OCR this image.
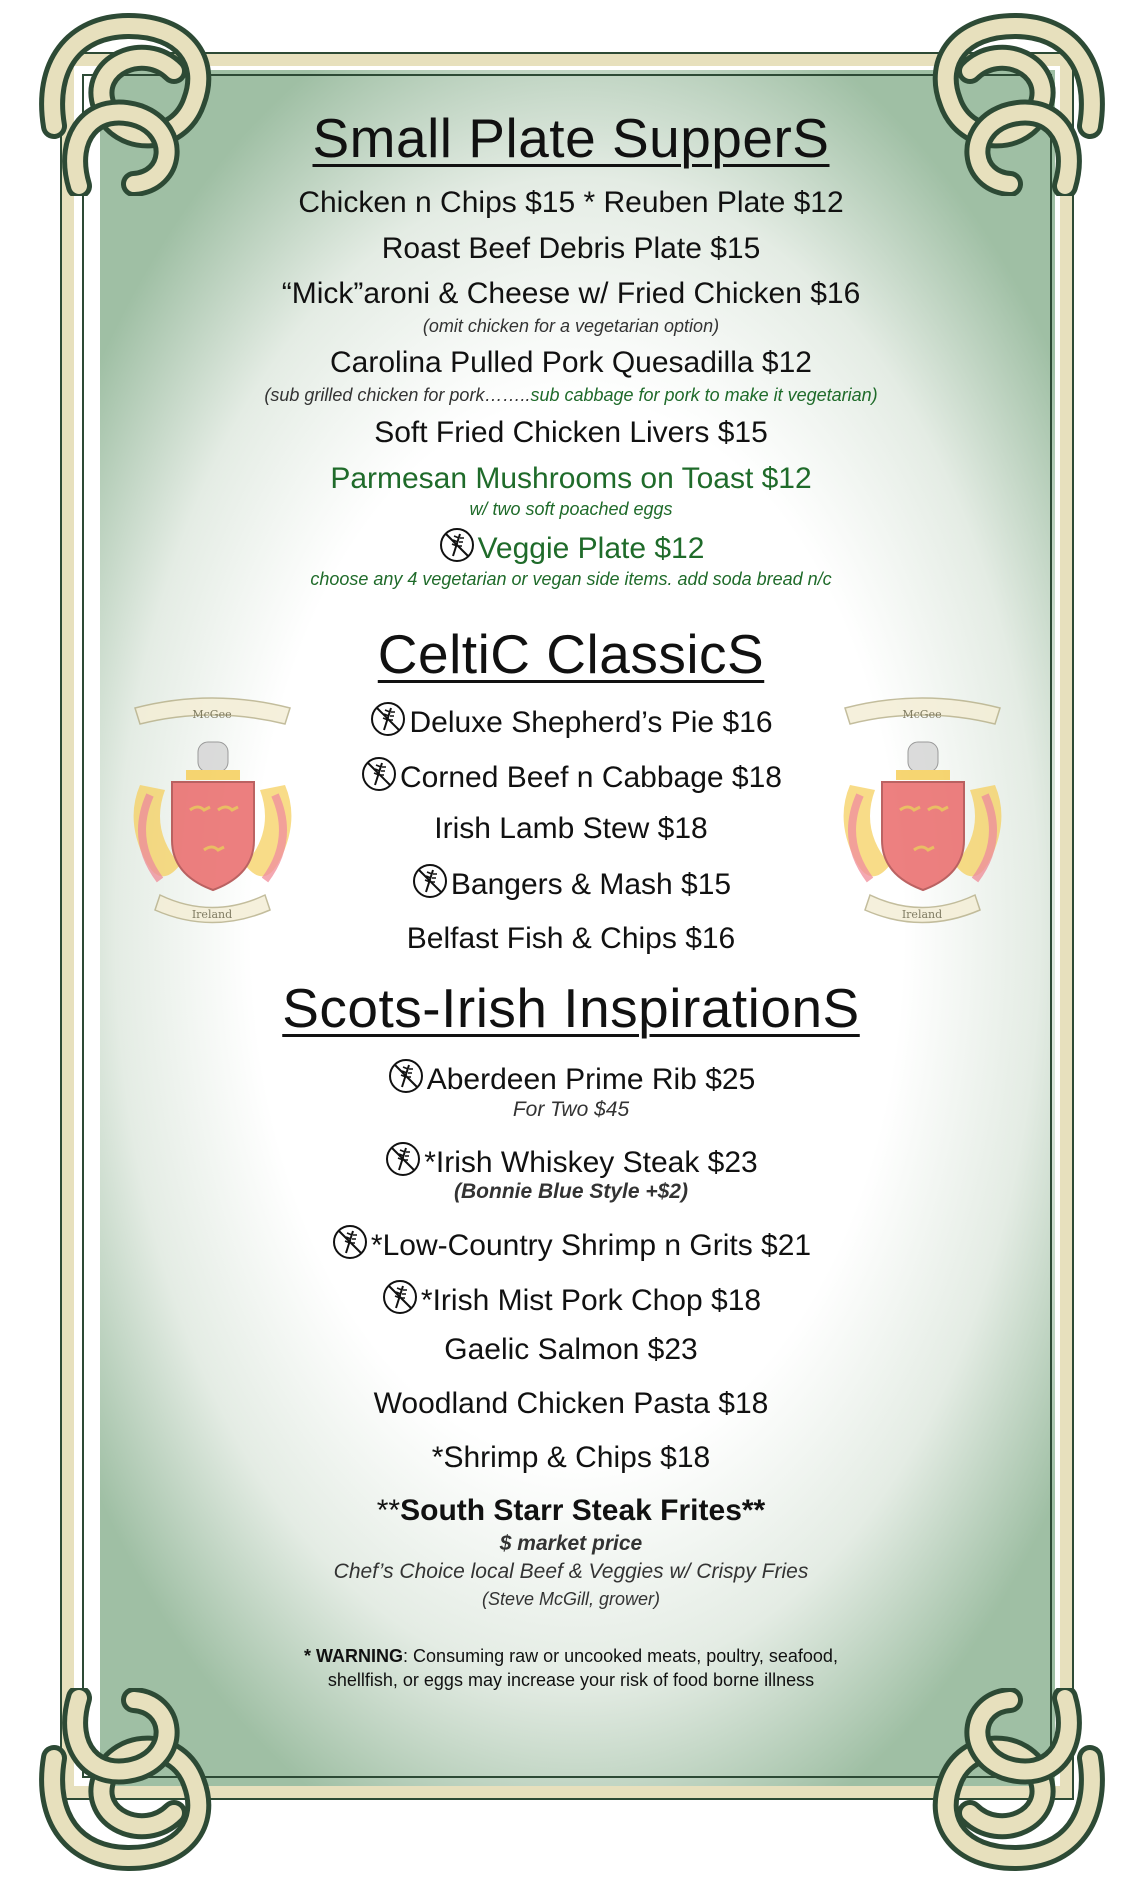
McGee
Ireland
McGee
Ireland
Small Plate SupperS
Chicken n Chips $15 * Reuben Plate $12
Roast Beef Debris Plate $15
“Mick”aroni & Cheese w/ Fried Chicken $16
(omit chicken for a vegetarian option)
Carolina Pulled Pork Quesadilla $12
(sub grilled chicken for pork……..sub cabbage for pork to make it vegetarian)
Soft Fried Chicken Livers $15
Parmesan Mushrooms on Toast $12
w/ two soft poached eggs
Veggie Plate $12
choose any 4 vegetarian or vegan side items. add soda bread n/c
CeltiC ClassicS
Deluxe Shepherd’s Pie $16
Corned Beef n Cabbage $18
Irish Lamb Stew $18
Bangers & Mash $15
Belfast Fish & Chips $16
Scots-Irish InspirationS
Aberdeen Prime Rib $25
For Two $45
*Irish Whiskey Steak $23
(Bonnie Blue Style +$2)
*Low-Country Shrimp n Grits $21
*Irish Mist Pork Chop $18
Gaelic Salmon $23
Woodland Chicken Pasta $18
*Shrimp & Chips $18
**South Starr Steak Frites**
$ market price
Chef’s Choice local Beef & Veggies w/ Crispy Fries
(Steve McGill, grower)
* WARNING: Consuming raw or uncooked meats, poultry, seafood,
shellfish, or eggs may increase your risk of food borne illness
